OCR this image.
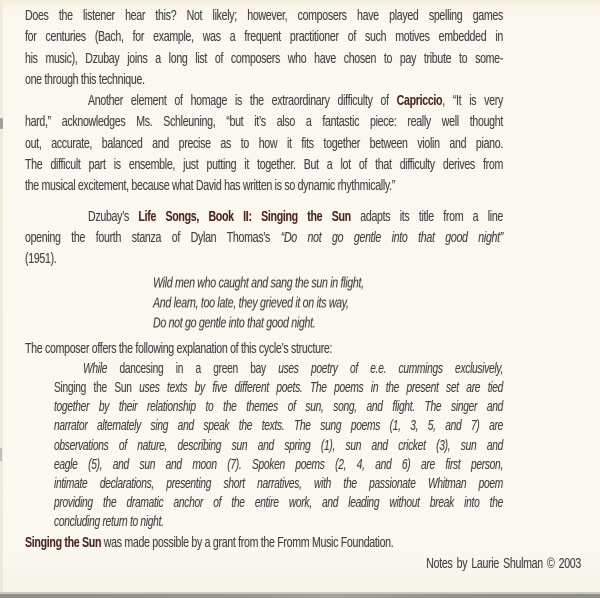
Does the listener hear this? Not likely; however, composers have played spelling games
for centuries (Bach, for example, was a frequent practitioner of such motives embedded in
his music), Dzubay joins a long list of composers who have chosen to pay tribute to some-
one through this technique.
Another element of homage is the extraordinary difficulty of Capriccio, “It is very
hard,” acknowledges Ms. Schleuning, “but it’s also a fantastic piece: really well thought
out, accurate, balanced and precise as to how it fits together between violin and piano.
The difficult part is ensemble, just putting it together. But a lot of that difficulty derives from
the musical excitement, because what David has written is so dynamic rhythmically.”
Dzubay’s Life Songs, Book II: Singing the Sun adapts its title from a line
opening the fourth stanza of Dylan Thomas’s “Do not go gentle into that good night”
(1951).
Wild men who caught and sang the sun in flight,
And learn, too late, they grieved it on its way,
Do not go gentle into that good night.
The composer offers the following explanation of this cycle’s structure:
While dancesing in a green bay uses poetry of e.e. cummings exclusively,
Singing the Sun uses texts by five different poets. The poems in the present set are tied
together by their relationship to the themes of sun, song, and flight. The singer and
narrator alternately sing and speak the texts. The sung poems (1, 3, 5, and 7) are
observations of nature, describing sun and spring (1), sun and cricket (3), sun and
eagle (5), and sun and moon (7). Spoken poems (2, 4, and 6) are first person,
intimate declarations, presenting short narratives, with the passionate Whitman poem
providing the dramatic anchor of the entire work, and leading without break into the
concluding return to night.
Singing the Sun was made possible by a grant from the Fromm Music Foundation.
Notes by Laurie Shulman © 2003
